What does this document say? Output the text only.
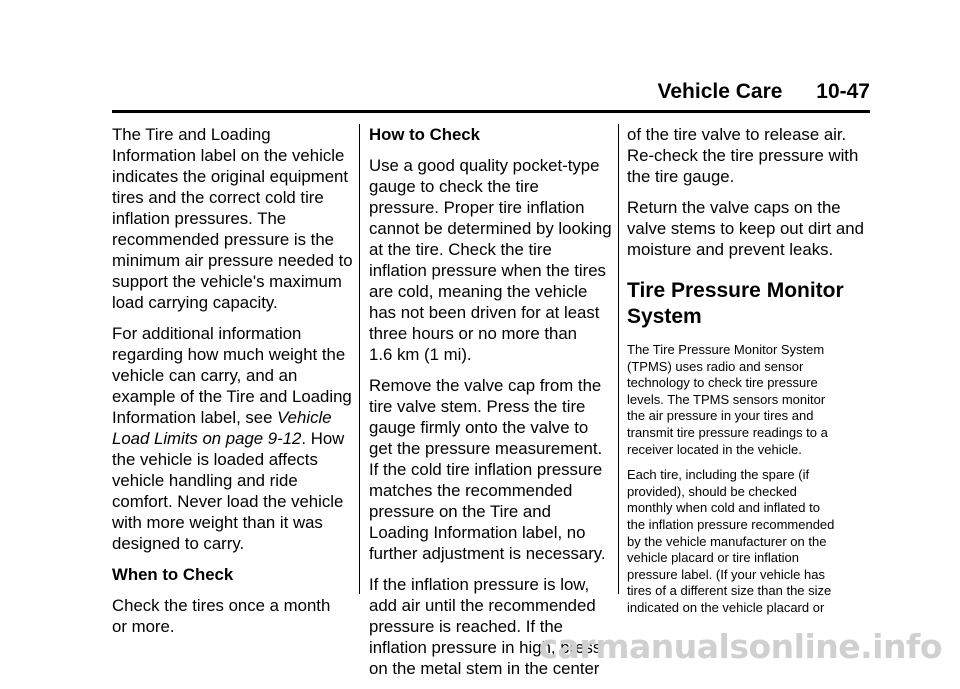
Vehicle Care 10-47
The Tire and Loading
Information label on the vehicle
indicates the original equipment
tires and the correct cold tire
inflation pressures. The
recommended pressure is the
minimum air pressure needed to
support the vehicle's maximum
load carrying capacity.
For additional information
regarding how much weight the
vehicle can carry, and an
example of the Tire and Loading
Information label, see Vehicle
Load Limits on page 9-12. How
the vehicle is loaded affects
vehicle handling and ride
comfort. Never load the vehicle
with more weight than it was
designed to carry.
When to Check
Check the tires once a month
or more.
How to Check
Use a good quality pocket-type
gauge to check the tire
pressure. Proper tire inflation
cannot be determined by looking
at the tire. Check the tire
inflation pressure when the tires
are cold, meaning the vehicle
has not been driven for at least
three hours or no more than
1.6 km (1 mi).
Remove the valve cap from the
tire valve stem. Press the tire
gauge firmly onto the valve to
get the pressure measurement.
If the cold tire inflation pressure
matches the recommended
pressure on the Tire and
Loading Information label, no
further adjustment is necessary.
If the inflation pressure is low,
add air until the recommended
pressure is reached. If the
inflation pressure in high, press
on the metal stem in the center
of the tire valve to release air.
Re-check the tire pressure with
the tire gauge.
Return the valve caps on the
valve stems to keep out dirt and
moisture and prevent leaks.
Tire Pressure Monitor
System
The Tire Pressure Monitor System
(TPMS) uses radio and sensor
technology to check tire pressure
levels. The TPMS sensors monitor
the air pressure in your tires and
transmit tire pressure readings to a
receiver located in the vehicle.
Each tire, including the spare (if
provided), should be checked
monthly when cold and inflated to
the inflation pressure recommended
by the vehicle manufacturer on the
vehicle placard or tire inflation
pressure label. (If your vehicle has
tires of a different size than the size
indicated on the vehicle placard or
carmanualsonline.info
